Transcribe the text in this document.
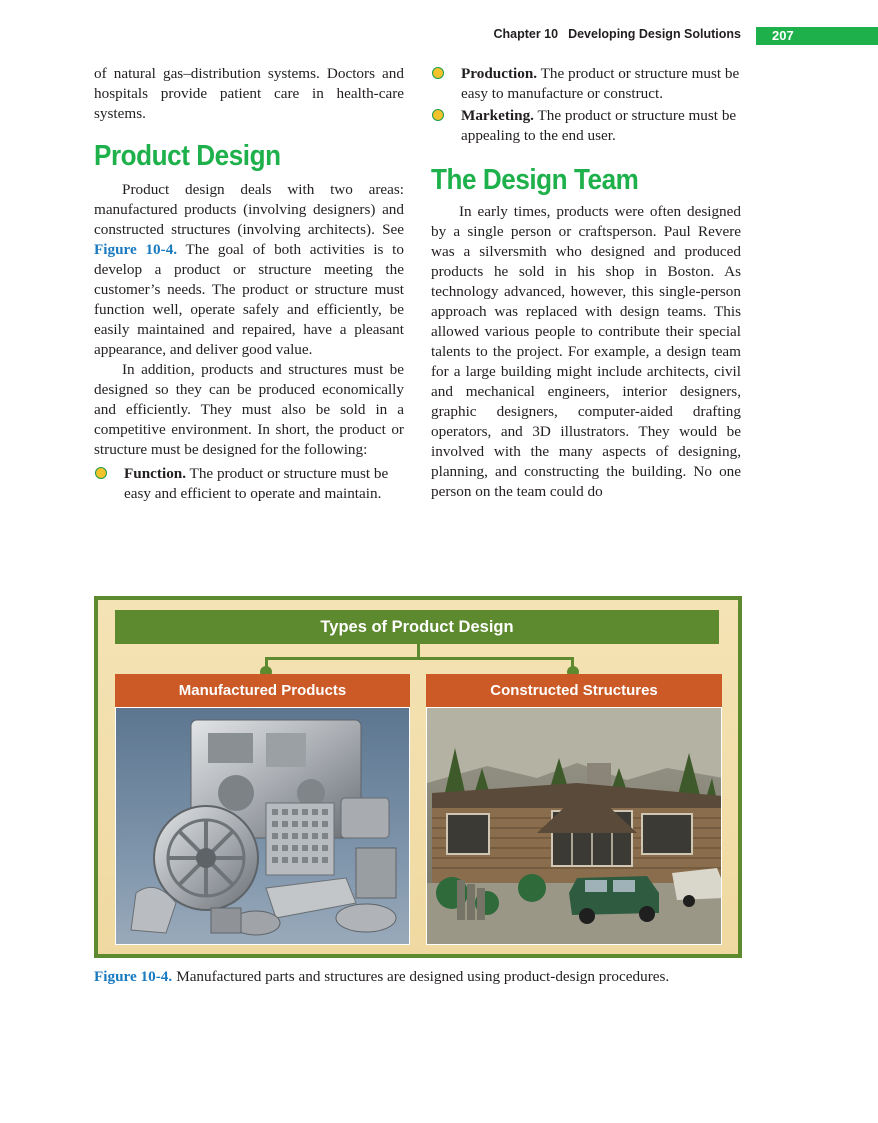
Chapter 10 Developing Design Solutions 207

of natural gas–distribution systems. Doctors and hospitals provide patient care in health-care systems.

Product Design

Product design deals with two areas: manufactured products (involving designers) and constructed structures (involving architects). See Figure 10-4. The goal of both activities is to develop a product or structure meeting the customer’s needs. The product or structure must function well, operate safely and efficiently, be easily maintained and repaired, have a pleasant appearance, and deliver good value.

In addition, products and structures must be designed so they can be produced economically and efficiently. They must also be sold in a competitive environment. In short, the product or structure must be designed for the following:

Function. The product or structure must be easy and efficient to operate and maintain.
Production. The product or structure must be easy to manufacture or construct.
Marketing. The product or structure must be appealing to the end user.
The Design Team

In early times, products were often designed by a single person or craftsperson. Paul Revere was a silversmith who designed and produced products he sold in his shop in Boston. As technology advanced, however, this single-person approach was replaced with design teams. This allowed various people to contribute their special talents to the project. For example, a design team for a large building might include architects, civil and mechanical engineers, interior designers, graphic designers, computer-aided drafting operators, and 3D illustrators. They would be involved with the many aspects of designing, planning, and constructing the building. No one person on the team could do

Types of Product Design
Manufactured Products	Constructed Structures
Figure 10-4. Manufactured parts and structures are designed using product-design procedures.
